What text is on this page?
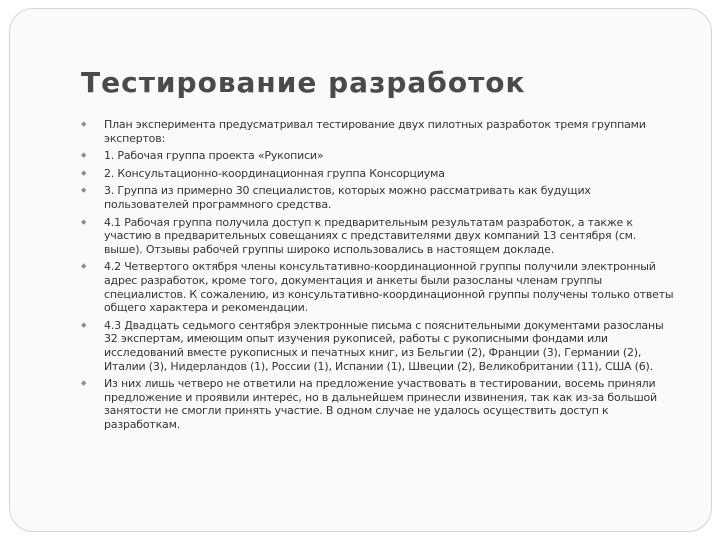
Тестирование разработок
◆ План эксперимента предусматривал тестирование двух пилотных разработок тремя группами экспертов:
◆ 1. Рабочая группа проекта «Рукописи»
◆ 2. Консультационно-координационная группа Консорциума
◆ 3. Группа из примерно 30 специалистов, которых можно рассматривать как будущих пользователей программного средства.
◆ 4.1 Рабочая группа получила доступ к предварительным результатам разработок, а также к участию в предварительных совещаниях с представителями двух компаний 13 сентября (см. выше). Отзывы рабочей группы широко использовались в настоящем докладе.
◆ 4.2 Четвертого октября члены консультативно-координационной группы получили электронный адрес разработок, кроме того, документация и анкеты были разосланы членам группы специалистов. К сожалению, из консультативно-координационной группы получены только ответы общего характера и рекомендации.
◆ 4.3 Двадцать седьмого сентября электронные письма с пояснительными документами разосланы 32 экспертам, имеющим опыт изучения рукописей, работы с рукописными фондами или исследований вместе рукописных и печатных книг, из Бельгии (2), Франции (3), Германии (2), Италии (3), Нидерландов (1), России (1), Испании (1), Швеции (2), Великобритании (11), США (6).
◆ Из них лишь четверо не ответили на предложение участвовать в тестировании, восемь приняли предложение и проявили интерес, но в дальнейшем принесли извинения, так как из-за большой занятости не смогли принять участие. В одном случае не удалось осуществить доступ к разработкам.
